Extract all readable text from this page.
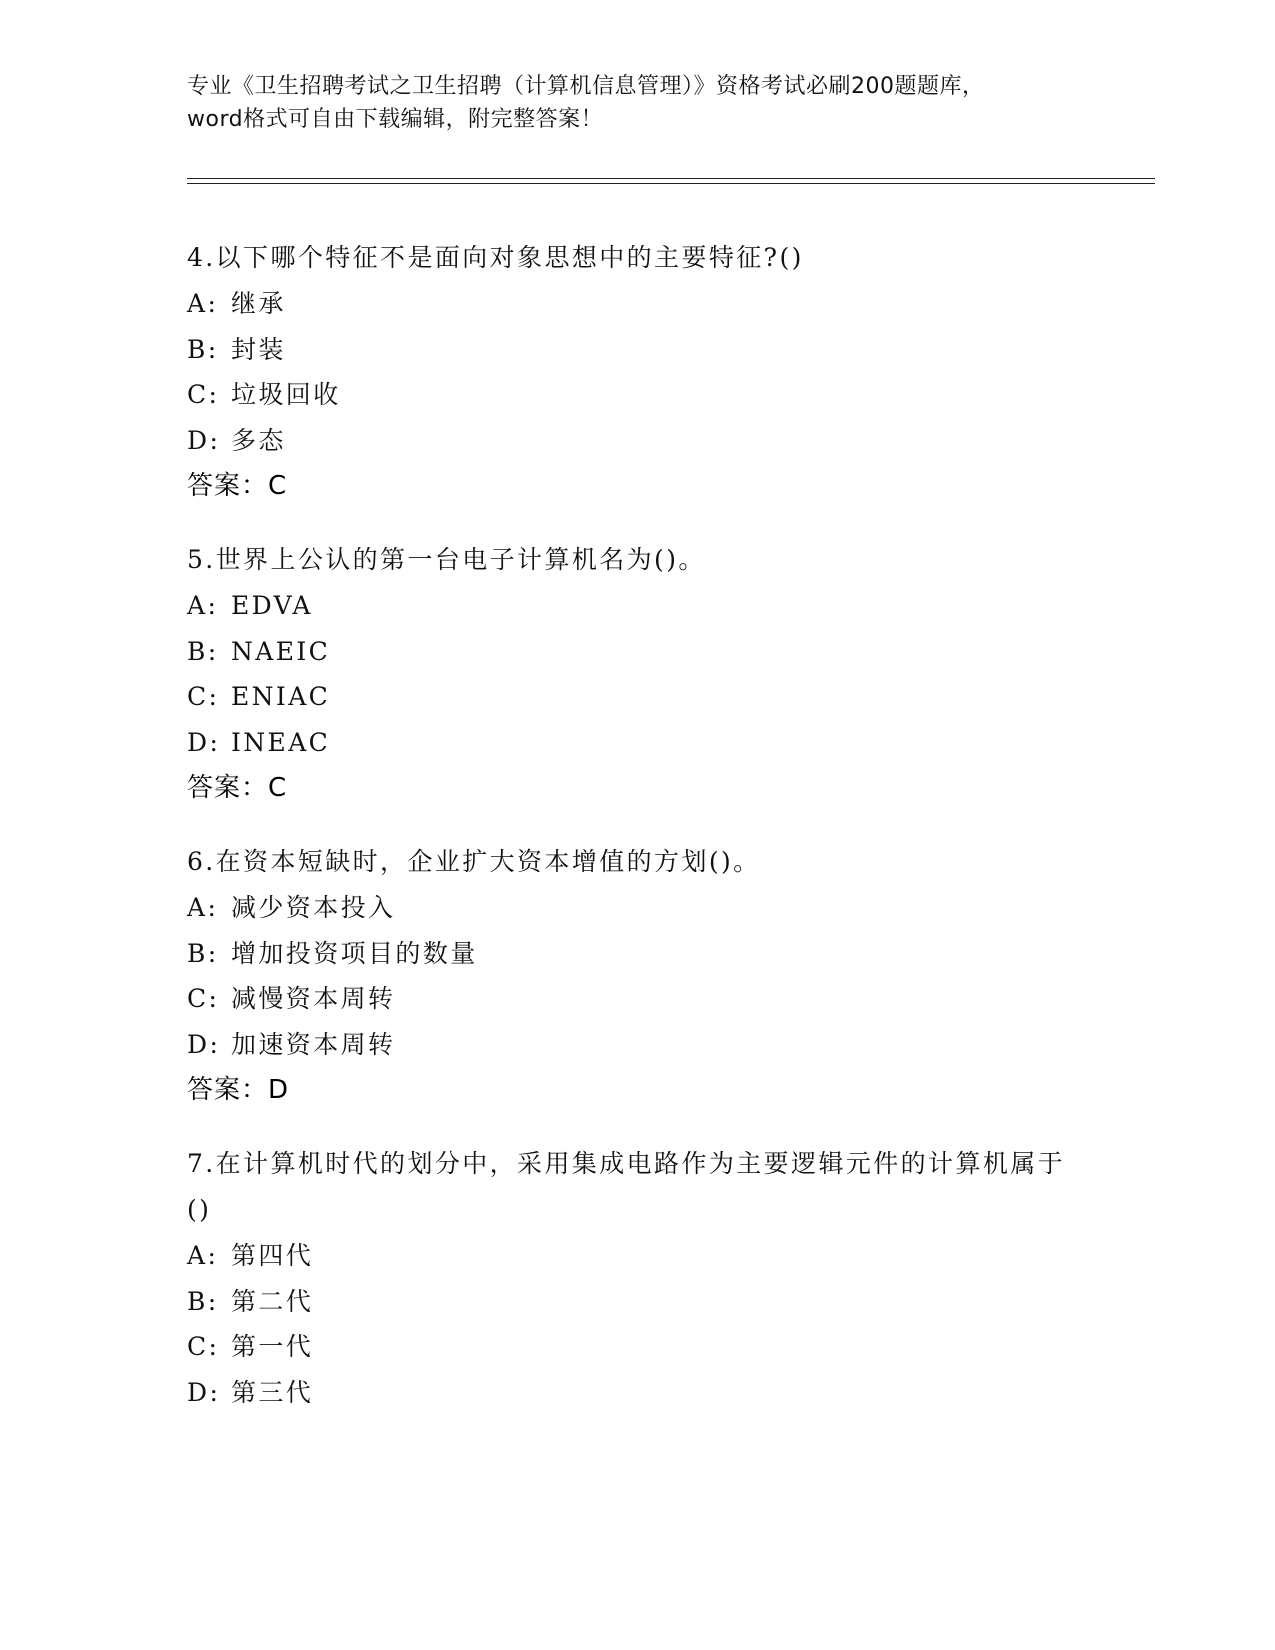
专业《卫生招聘考试之卫生招聘（计算机信息管理）》资格考试必刷200题题库，
word格式可自由下载编辑，附完整答案！
4.以下哪个特征不是面向对象思想中的主要特征?()
A: 继承
B: 封装
C: 垃圾回收
D: 多态
答案：C
5.世界上公认的第一台电子计算机名为()。
A: EDVA
B: NAEIC
C: ENIAC
D: INEAC
答案：C
6.在资本短缺时，企业扩大资本增值的方划()。
A: 减少资本投入
B: 增加投资项目的数量
C: 减慢资本周转
D: 加速资本周转
答案：D
7.在计算机时代的划分中，采用集成电路作为主要逻辑元件的计算机属于()
A: 第四代
B: 第二代
C: 第一代
D: 第三代
